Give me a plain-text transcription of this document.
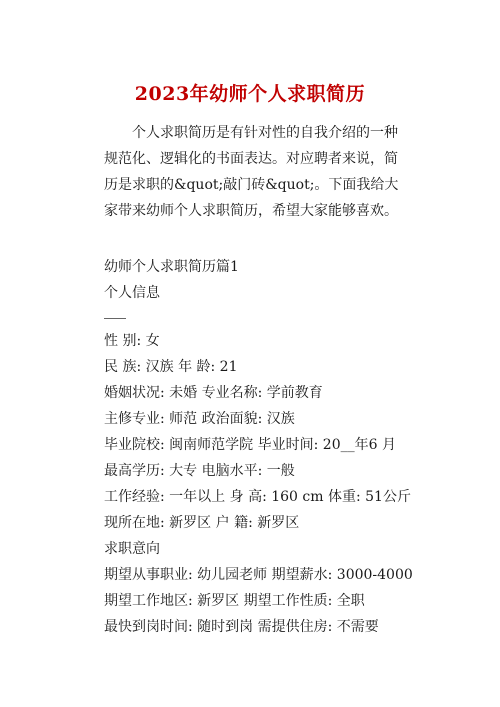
2023年幼师个人求职简历
个人求职简历是有针对性的自我介绍的一种规范化、逻辑化的书面表达。对应聘者来说，简历是求职的&quot;敲门砖&quot;。下面我给大家带来幼师个人求职简历，希望大家能够喜欢。
幼师个人求职简历篇1
个人信息
性 别: 女
民 族: 汉族 年 龄: 21
婚姻状况: 未婚 专业名称: 学前教育
主修专业: 师范 政治面貌: 汉族
毕业院校: 闽南师范学院 毕业时间: 20__年6 月
最高学历: 大专 电脑水平: 一般
工作经验: 一年以上 身 高: 160 cm 体重: 51公斤
现所在地: 新罗区 户 籍: 新罗区
求职意向
期望从事职业: 幼儿园老师 期望薪水: 3000-4000
期望工作地区: 新罗区 期望工作性质: 全职
最快到岗时间: 随时到岗 需提供住房: 不需要
